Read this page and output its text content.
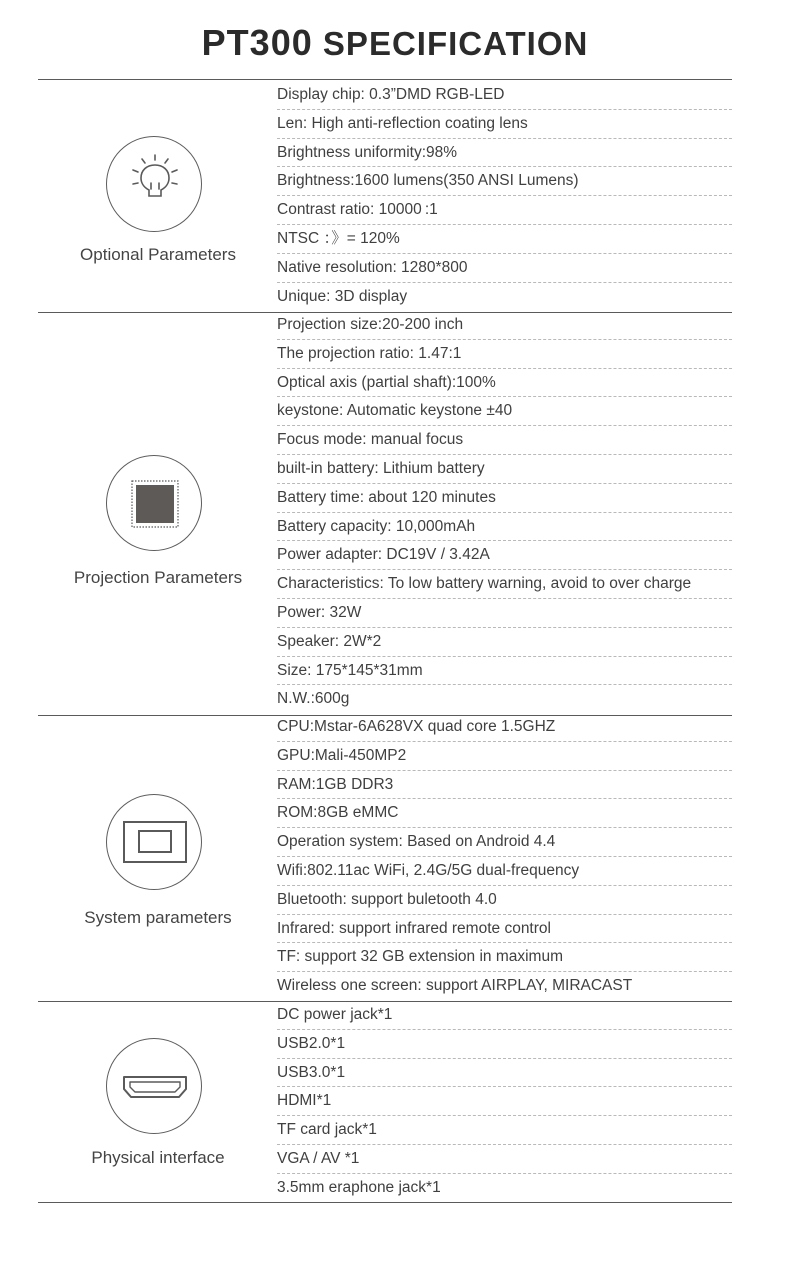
PT300 SPECIFICATION
Optional Parameters
Display chip: 0.3”DMD RGB-LED
Len: High anti-reflection coating lens
Brightness uniformity:98%
Brightness:1600 lumens(350 ANSI Lumens)
Contrast ratio: 10000 :1
NTSC ：》= 120%
Native resolution: 1280*800
Unique: 3D display
Projection Parameters
Projection size:20-200 inch
The projection ratio: 1.47:1
Optical axis (partial shaft):100%
keystone: Automatic keystone ±40
Focus mode: manual focus
built-in battery: Lithium battery
Battery time: about 120 minutes
Battery capacity: 10,000mAh
Power adapter: DC19V / 3.42A
Characteristics: To low battery warning, avoid to over charge
Power: 32W
Speaker: 2W*2
Size: 175*145*31mm
N.W.:600g
System parameters
CPU:Mstar-6A628VX quad core 1.5GHZ
GPU:Mali-450MP2
RAM:1GB DDR3
ROM:8GB eMMC
Operation system: Based on Android 4.4
Wifi:802.11ac WiFi, 2.4G/5G dual-frequency
Bluetooth: support buletooth 4.0
Infrared: support infrared remote control
TF: support 32 GB extension in maximum
Wireless one screen: support AIRPLAY, MIRACAST
Physical interface
DC power jack*1
USB2.0*1
USB3.0*1
HDMI*1
TF card jack*1
VGA / AV *1
3.5mm eraphone jack*1
